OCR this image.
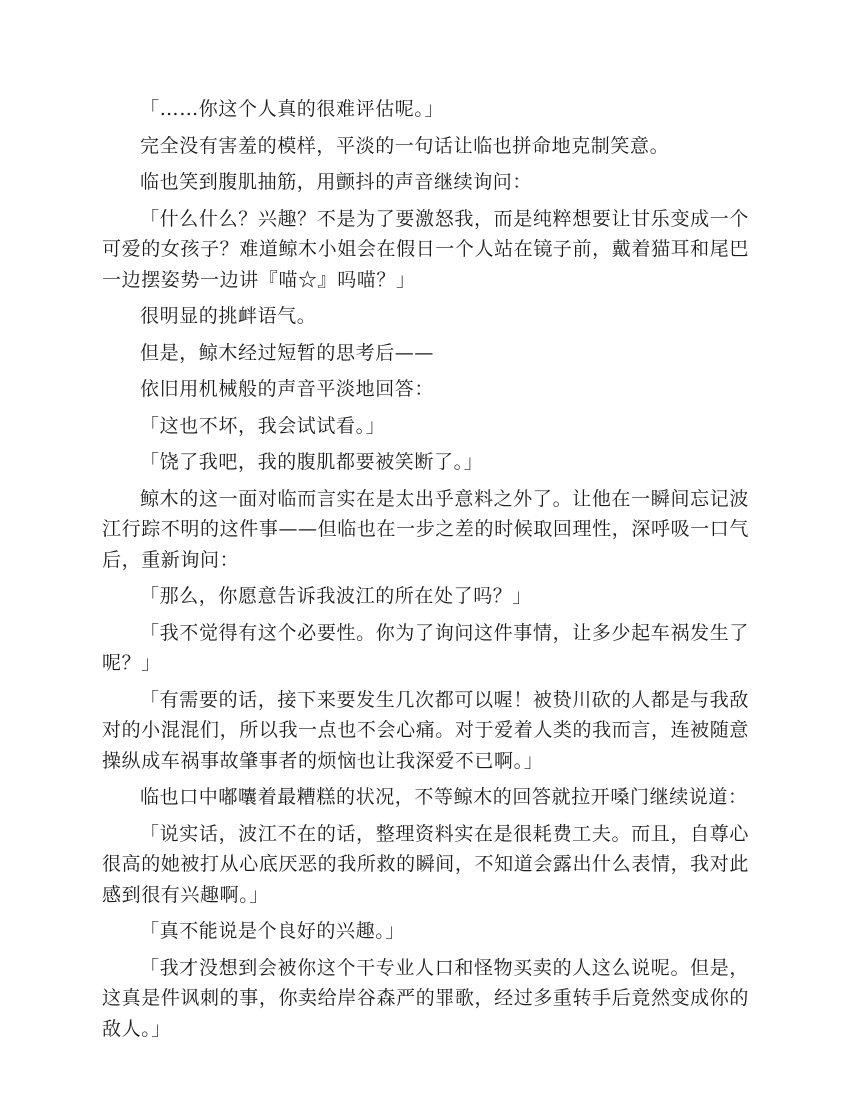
「……你这个人真的很难评估呢。」

完全没有害羞的模样，平淡的一句话让临也拼命地克制笑意。

临也笑到腹肌抽筋，用颤抖的声音继续询问：

「什么什么？兴趣？不是为了要激怒我，而是纯粹想要让甘乐变成一个可爱的女孩子？难道鲸木小姐会在假日一个人站在镜子前，戴着猫耳和尾巴一边摆姿势一边讲『喵☆』吗喵？」

很明显的挑衅语气。

但是，鲸木经过短暂的思考后——

依旧用机械般的声音平淡地回答：

「这也不坏，我会试试看。」

「饶了我吧，我的腹肌都要被笑断了。」

鲸木的这一面对临而言实在是太出乎意料之外了。让他在一瞬间忘记波江行踪不明的这件事——但临也在一步之差的时候取回理性，深呼吸一口气后，重新询问：

「那么，你愿意告诉我波江的所在处了吗？」

「我不觉得有这个必要性。你为了询问这件事情，让多少起车祸发生了呢？」

「有需要的话，接下来要发生几次都可以喔！被贽川砍的人都是与我敌对的小混混们，所以我一点也不会心痛。对于爱着人类的我而言，连被随意操纵成车祸事故肇事者的烦恼也让我深爱不已啊。」

临也口中嘟囔着最糟糕的状况，不等鲸木的回答就拉开嗓门继续说道：

「说实话，波江不在的话，整理资料实在是很耗费工夫。而且，自尊心很高的她被打从心底厌恶的我所救的瞬间，不知道会露出什么表情，我对此感到很有兴趣啊。」

「真不能说是个良好的兴趣。」

「我才没想到会被你这个干专业人口和怪物买卖的人这么说呢。但是，这真是件讽刺的事，你卖给岸谷森严的罪歌，经过多重转手后竟然变成你的敌人。」
